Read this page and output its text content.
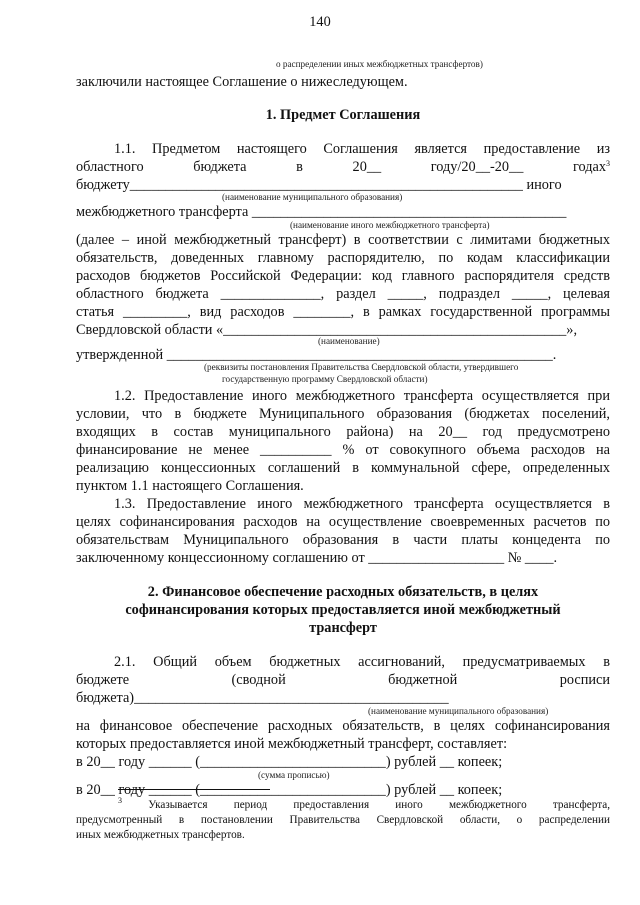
140
о распределении иных межбюджетных трансфертов)
заключили настоящее Соглашение о нижеследующем.
1. Предмет Соглашения
1.1. Предметом настоящего Соглашения является предоставление из
областного бюджета в 20__ году/20__-20__ годах$^3$
бюджету_______________________________________________________ иного
(наименование муниципального образования)
межбюджетного трансферта ____________________________________________
(наименование иного межбюджетного трансферта)
(далее – иной межбюджетный трансферт) в соответствии с лимитами бюджетных
обязательств, доведенных главному распорядителю, по кодам классификации
расходов бюджетов Российской Федерации: код главного распорядителя средств
областного бюджета ______________, раздел _____, подраздел _____, целевая
статья _________, вид расходов ________, в рамках государственной программы
Свердловской области «________________________________________________»,
(наименование)
утвержденной ______________________________________________________.
(реквизиты постановления Правительства Свердловской области, утвердившего
государственную программу Свердловской области)
1.2. Предоставление иного межбюджетного трансферта осуществляется при
условии, что в бюджете Муниципального образования (бюджетах поселений,
входящих в состав муниципального района) на 20__ год предусмотрено
финансирование не менее __________ % от совокупного объема расходов на
реализацию концессионных соглашений в коммунальной сфере, определенных
пунктом 1.1 настоящего Соглашения.
1.3. Предоставление иного межбюджетного трансферта осуществляется в
целях софинансирования расходов на осуществление своевременных расчетов по
обязательствам Муниципального образования в части платы концедента по
заключенному концессионному соглашению от ___________________ № ____.
2. Финансовое обеспечение расходных обязательств, в целях
софинансирования которых предоставляется иной межбюджетный
трансферт
2.1. Общий объем бюджетных ассигнований, предусматриваемых в
бюджете (сводной бюджетной росписи
бюджета)____________________________________________
(наименование муниципального образования)
на финансовое обеспечение расходных обязательств, в целях софинансирования
которых предоставляется иной межбюджетный трансферт, составляет:
в 20__ году ______ (__________________________) рублей __ копеек;
(сумма прописью)
в 20__ году ______ (__________________________) рублей __ копеек;
$^3$ Указывается период предоставления иного межбюджетного трансферта,
предусмотренный в постановлении Правительства Свердловской области, о распределении
иных межбюджетных трансфертов.
